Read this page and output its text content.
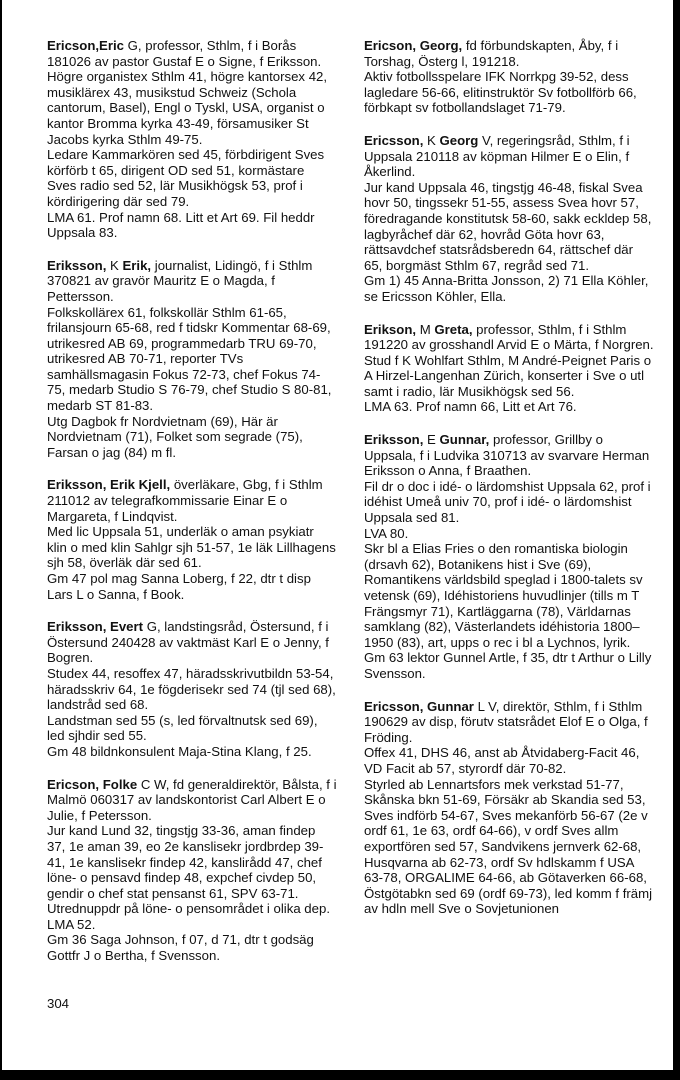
Ericson,Eric G, professor, Sthlm, f i Borås 181026 av pastor Gustaf E o Signe, f Eriksson.

Högre organistex Sthlm 41, högre kantorsex 42, musiklärex 43, musikstud Schweiz (Schola cantorum, Basel), Engl o Tyskl, USA, organist o kantor Bromma kyrka 43-49, församusiker St Jacobs kyrka Sthlm 49-75.

Ledare Kammarkören sed 45, förbdirigent Sves körförb t 65, dirigent OD sed 51, kormästare Sves radio sed 52, lär Musikhögsk 53, prof i kördirigering där sed 79.

LMA 61. Prof namn 68. Litt et Art 69. Fil heddr Uppsala 83.

Eriksson, K Erik, journalist, Lidingö, f i Sthlm 370821 av gravör Mauritz E o Magda, f Pettersson.

Folkskollärex 61, folkskollär Sthlm 61-65, frilansjourn 65-68, red f tidskr Kommentar 68-69, utrikesred AB 69, programmedarb TRU 69-70, utrikesred AB 70-71, reporter TVs samhällsmagasin Fokus 72-73, chef Fokus 74-75, medarb Studio S 76-79, chef Studio S 80-81, medarb ST 81-83.

Utg Dagbok fr Nordvietnam (69), Här är Nordvietnam (71), Folket som segrade (75), Farsan o jag (84) m fl.

Eriksson, Erik Kjell, överläkare, Gbg, f i Sthlm 211012 av telegrafkommissarie Einar E o Margareta, f Lindqvist.

Med lic Uppsala 51, underläk o aman psykiatr klin o med klin Sahlgr sjh 51-57, 1e läk Lillhagens sjh 58, överläk där sed 61.

Gm 47 pol mag Sanna Loberg, f 22, dtr t disp Lars L o Sanna, f Book.

Eriksson, Evert G, landstingsråd, Östersund, f i Östersund 240428 av vaktmäst Karl E o Jenny, f Bogren.

Studex 44, resoffex 47, häradsskrivutbildn 53-54, häradsskriv 64, 1e fögderisekr sed 74 (tjl sed 68), landstråd sed 68.

Landstman sed 55 (s, led förvaltnutsk sed 69), led sjhdir sed 55.

Gm 48 bildnkonsulent Maja-Stina Klang, f 25.

Ericson, Folke C W, fd generaldirektör, Bålsta, f i Malmö 060317 av landskontorist Carl Albert E o Julie, f Petersson.

Jur kand Lund 32, tingstjg 33-36, aman findep 37, 1e aman 39, eo 2e kanslisekr jordbrdep 39-41, 1e kanslisekr findep 42, kanslirådd 47, chef löne- o pensavd findep 48, expchef civdep 50, gendir o chef stat pensanst 61, SPV 63-71.

Utrednuppdr på löne- o pensområdet i olika dep. LMA 52.

Gm 36 Saga Johnson, f 07, d 71, dtr t godsäg Gottfr J o Bertha, f Svensson.

Ericson, Georg, fd förbundskapten, Åby, f i Torshag, Österg l, 191218.

Aktiv fotbollsspelare IFK Norrkpg 39-52, dess lagledare 56-66, elitinstruktör Sv fotbollförb 66, förbkapt sv fotbollandslaget 71-79.

Ericsson, K Georg V, regeringsråd, Sthlm, f i Uppsala 210118 av köpman Hilmer E o Elin, f Åkerlind.

Jur kand Uppsala 46, tingstjg 46-48, fiskal Svea hovr 50, tingssekr 51-55, assess Svea hovr 57, föredragande konstitutsk 58-60, sakk eckldep 58, lagbyråchef där 62, hovråd Göta hovr 63, rättsavdchef statsrådsberedn 64, rättschef där 65, borgmäst Sthlm 67, regråd sed 71.

Gm 1) 45 Anna-Britta Jonsson, 2) 71 Ella Köhler, se Ericsson Köhler, Ella.

Erikson, M Greta, professor, Sthlm, f i Sthlm 191220 av grosshandl Arvid E o Märta, f Norgren.

Stud f K Wohlfart Sthlm, M André-Peignet Paris o A Hirzel-Langenhan Zürich, konserter i Sve o utl samt i radio, lär Musikhögsk sed 56.

LMA 63. Prof namn 66, Litt et Art 76.

Eriksson, E Gunnar, professor, Grillby o Uppsala, f i Ludvika 310713 av svarvare Herman Eriksson o Anna, f Braathen.

Fil dr o doc i idé- o lärdomshist Uppsala 62, prof i idéhist Umeå univ 70, prof i idé- o lärdomshist Uppsala sed 81.

LVA 80.

Skr bl a Elias Fries o den romantiska biologin (drsavh 62), Botanikens hist i Sve (69), Romantikens världsbild speglad i 1800-talets sv vetensk (69), Idéhistoriens huvudlinjer (tills m T Frängsmyr 71), Kartläggarna (78), Världarnas samklang (82), Västerlandets idéhistoria 1800–1950 (83), art, upps o rec i bl a Lychnos, lyrik.

Gm 63 lektor Gunnel Artle, f 35, dtr t Arthur o Lilly Svensson.

Ericsson, Gunnar L V, direktör, Sthlm, f i Sthlm 190629 av disp, förutv statsrådet Elof E o Olga, f Fröding.

Offex 41, DHS 46, anst ab Åtvidaberg-Facit 46, VD Facit ab 57, styrordf där 70-82.

Styrled ab Lennartsfors mek verkstad 51-77, Skånska bkn 51-69, Försäkr ab Skandia sed 53, Sves indförb 54-67, Sves mekanförb 56-67 (2e v ordf 61, 1e 63, ordf 64-66), v ordf Sves allm exportfören sed 57, Sandvikens jernverk 62-68, Husqvarna ab 62-73, ordf Sv hdlskamm f USA 63-78, ORGALIME 64-66, ab Götaverken 66-68, Östgötabkn sed 69 (ordf 69-73), led komm f främj av hdln mell Sve o Sovjetunionen

304
